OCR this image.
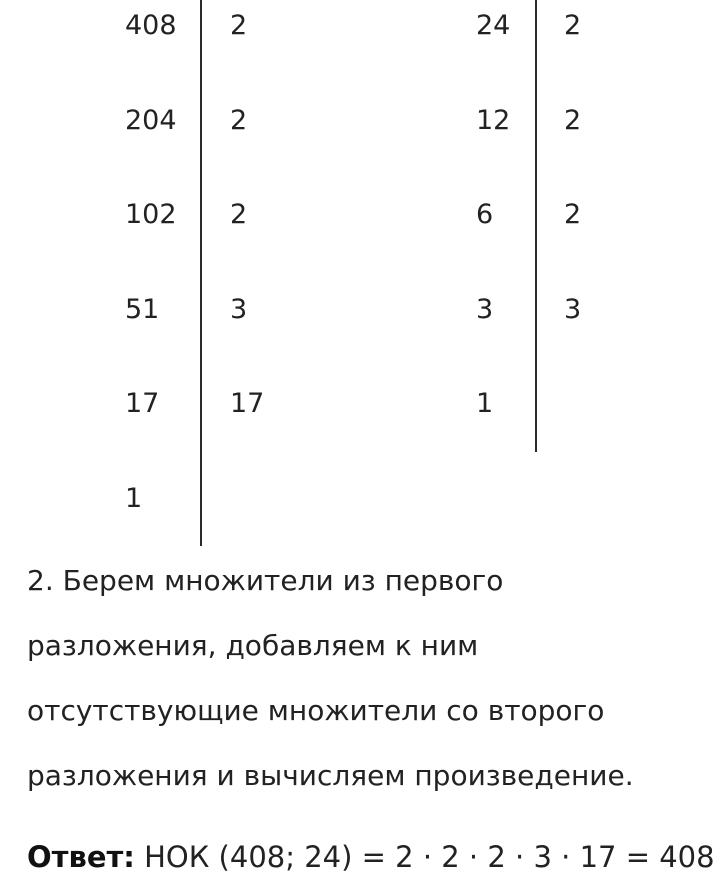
408 2
204 2
102 2
51	3
17	17
1
24 2
12 2
6	2
3	3
1

2. Берем множители из первого
разложения, добавляем к ним
отсутствующие множители со второго
разложения и вычисляем произведение.

Ответ: НОК (408; 24) = 2 · 2 · 2 · 3 · 17 = 408
